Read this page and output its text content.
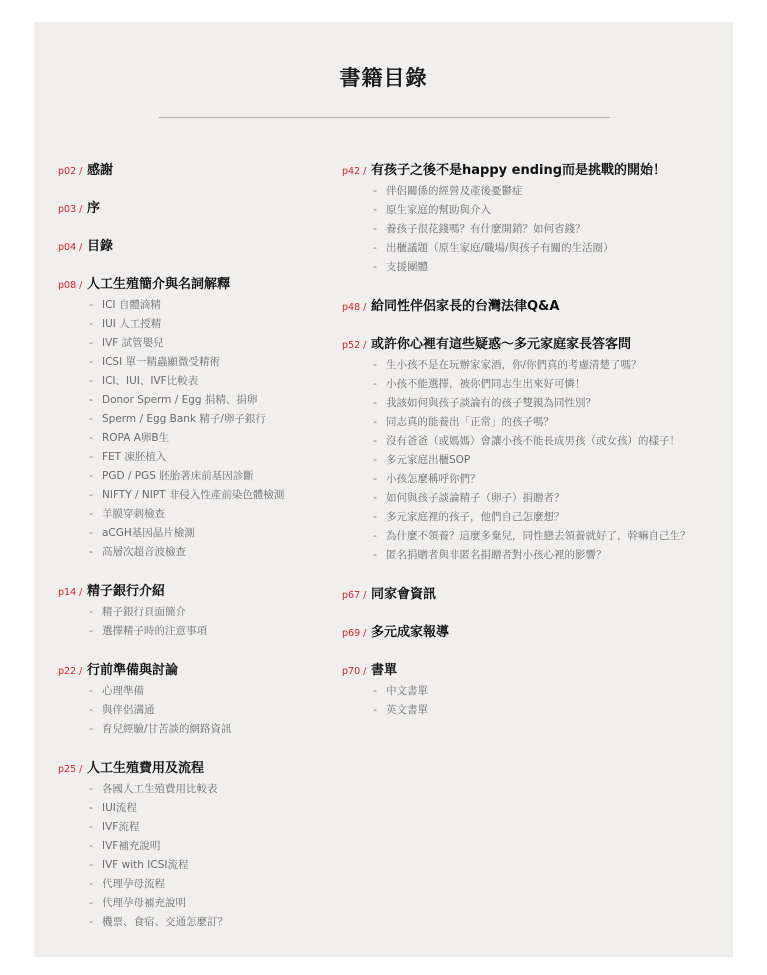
書籍目錄
p02 / 感謝
p03 / 序
p04 / 目錄
p08 / 人工生殖簡介與名詞解釋
- ICI 自體滴精
- IUI 人工授精
- IVF 試管嬰兒
- ICSI 單一精蟲顯微受精術
- ICI、IUI、IVF比較表
- Donor Sperm / Egg 捐精、捐卵
- Sperm / Egg Bank 精子/卵子銀行
- ROPA A卵B生
- FET 凍胚植入
- PGD / PGS 胚胎著床前基因診斷
- NIFTY / NIPT 非侵入性產前染色體檢測
- 羊膜穿刺檢查
- aCGH基因晶片檢測
- 高層次超音波檢查
p14 / 精子銀行介紹
- 精子銀行頁面簡介
- 選擇精子時的注意事項
p22 / 行前準備與討論
- 心理準備
- 與伴侶溝通
- 育兒經驗/甘苦談的網路資訊
p25 / 人工生殖費用及流程
- 各國人工生殖費用比較表
- IUI流程
- IVF流程
- IVF補充說明
- IVF with ICSI流程
- 代理孕母流程
- 代理孕母補充說明
- 機票、食宿、交通怎麼訂？
p42 / 有孩子之後不是happy ending而是挑戰的開始！
- 伴侶關係的經營及產後憂鬱症
- 原生家庭的幫助與介入
- 養孩子很花錢嗎？有什麼開銷？如何省錢？
- 出櫃議題（原生家庭/職場/與孩子有關的生活圈）
- 支援團體
p48 / 給同性伴侶家長的台灣法律Q&A
p52 / 或許你心裡有這些疑惑～多元家庭家長答客問
- 生小孩不是在玩辦家家酒，你/你們真的考慮清楚了嗎？
- 小孩不能選擇，被你們同志生出來好可憐！
- 我該如何與孩子談論有的孩子雙親為同性別？
- 同志真的能養出「正常」的孩子嗎？
- 沒有爸爸（或媽媽）會讓小孩不能長成男孩（或女孩）的樣子！
- 多元家庭出櫃SOP
- 小孩怎麼稱呼你們？
- 如何與孩子談論精子（卵子）捐贈者？
- 多元家庭裡的孩子，他們自己怎麼想？
- 為什麼不領養？這麼多棄兒，同性戀去領養就好了，幹嘛自己生？
- 匿名捐贈者與非匿名捐贈者對小孩心裡的影響？
p67 / 同家會資訊
p69 / 多元成家報導
p70 / 書單
- 中文書單
- 英文書單
